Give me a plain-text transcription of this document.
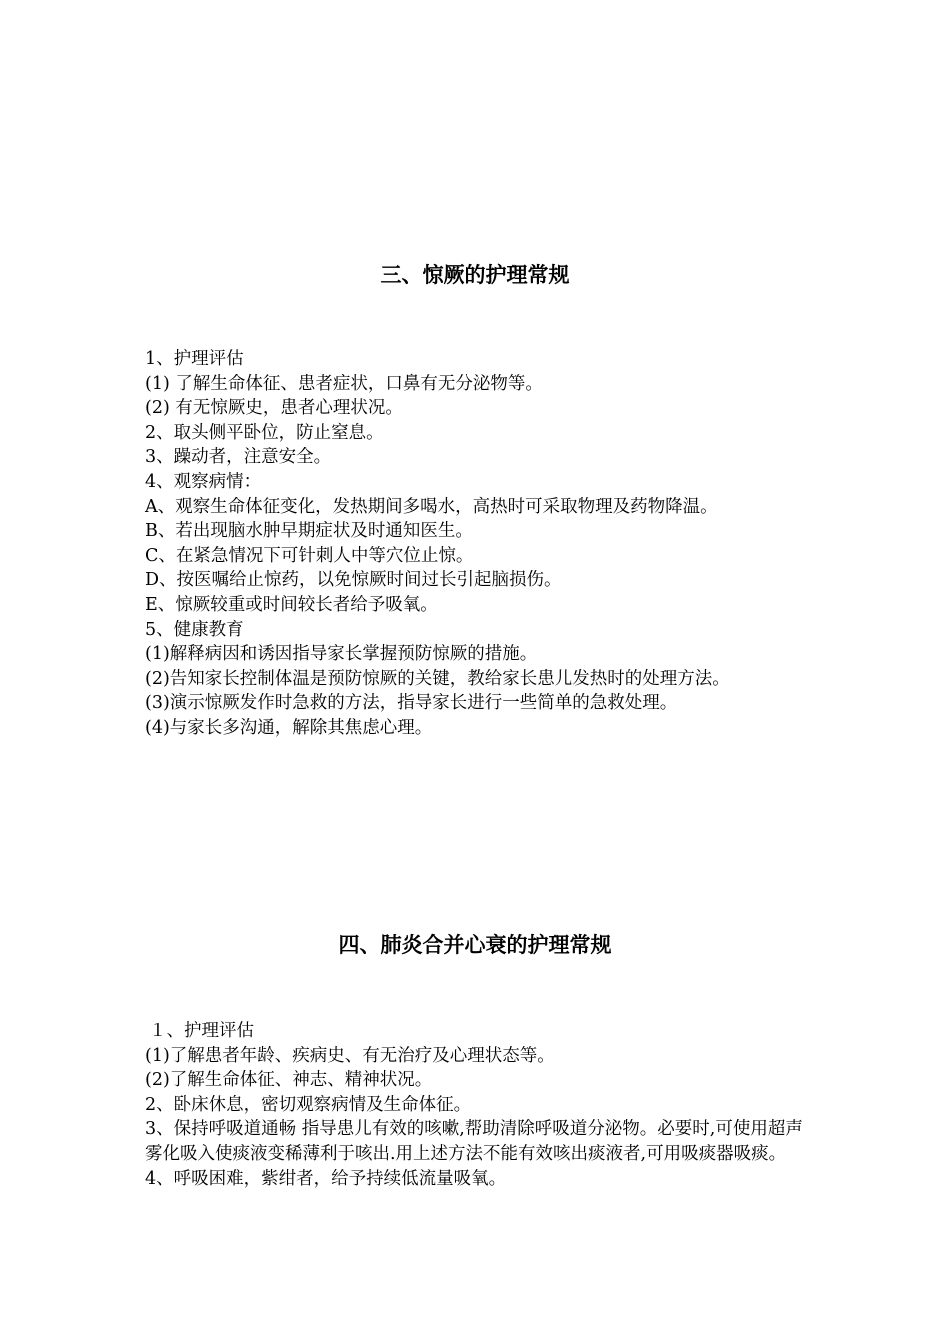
三、惊厥的护理常规

1、护理评估

(1) 了解生命体征、患者症状，口鼻有无分泌物等。

(2) 有无惊厥史，患者心理状况。

2、取头侧平卧位，防止窒息。

3、躁动者，注意安全。

4、观察病情：

A、观察生命体征变化，发热期间多喝水，高热时可采取物理及药物降温。

B、若出现脑水肿早期症状及时通知医生。

C、在紧急情况下可针刺人中等穴位止惊。

D、按医嘱给止惊药，以免惊厥时间过长引起脑损伤。

E、惊厥较重或时间较长者给予吸氧。

5、健康教育

(1)解释病因和诱因指导家长掌握预防惊厥的措施。

(2)告知家长控制体温是预防惊厥的关键，教给家长患儿发热时的处理方法。

(3)演示惊厥发作时急救的方法，指导家长进行一些简单的急救处理。

(4)与家长多沟通，解除其焦虑心理。

四、肺炎合并心衰的护理常规

１、护理评估

(1)了解患者年龄、疾病史、有无治疗及心理状态等。

(2)了解生命体征、神志、精神状况。

2、卧床休息，密切观察病情及生命体征。

3、保持呼吸道通畅 指导患儿有效的咳嗽,帮助清除呼吸道分泌物。必要时,可使用超声雾化吸入使痰液变稀薄利于咳出.用上述方法不能有效咳出痰液者,可用吸痰器吸痰。

4、呼吸困难，紫绀者，给予持续低流量吸氧。
